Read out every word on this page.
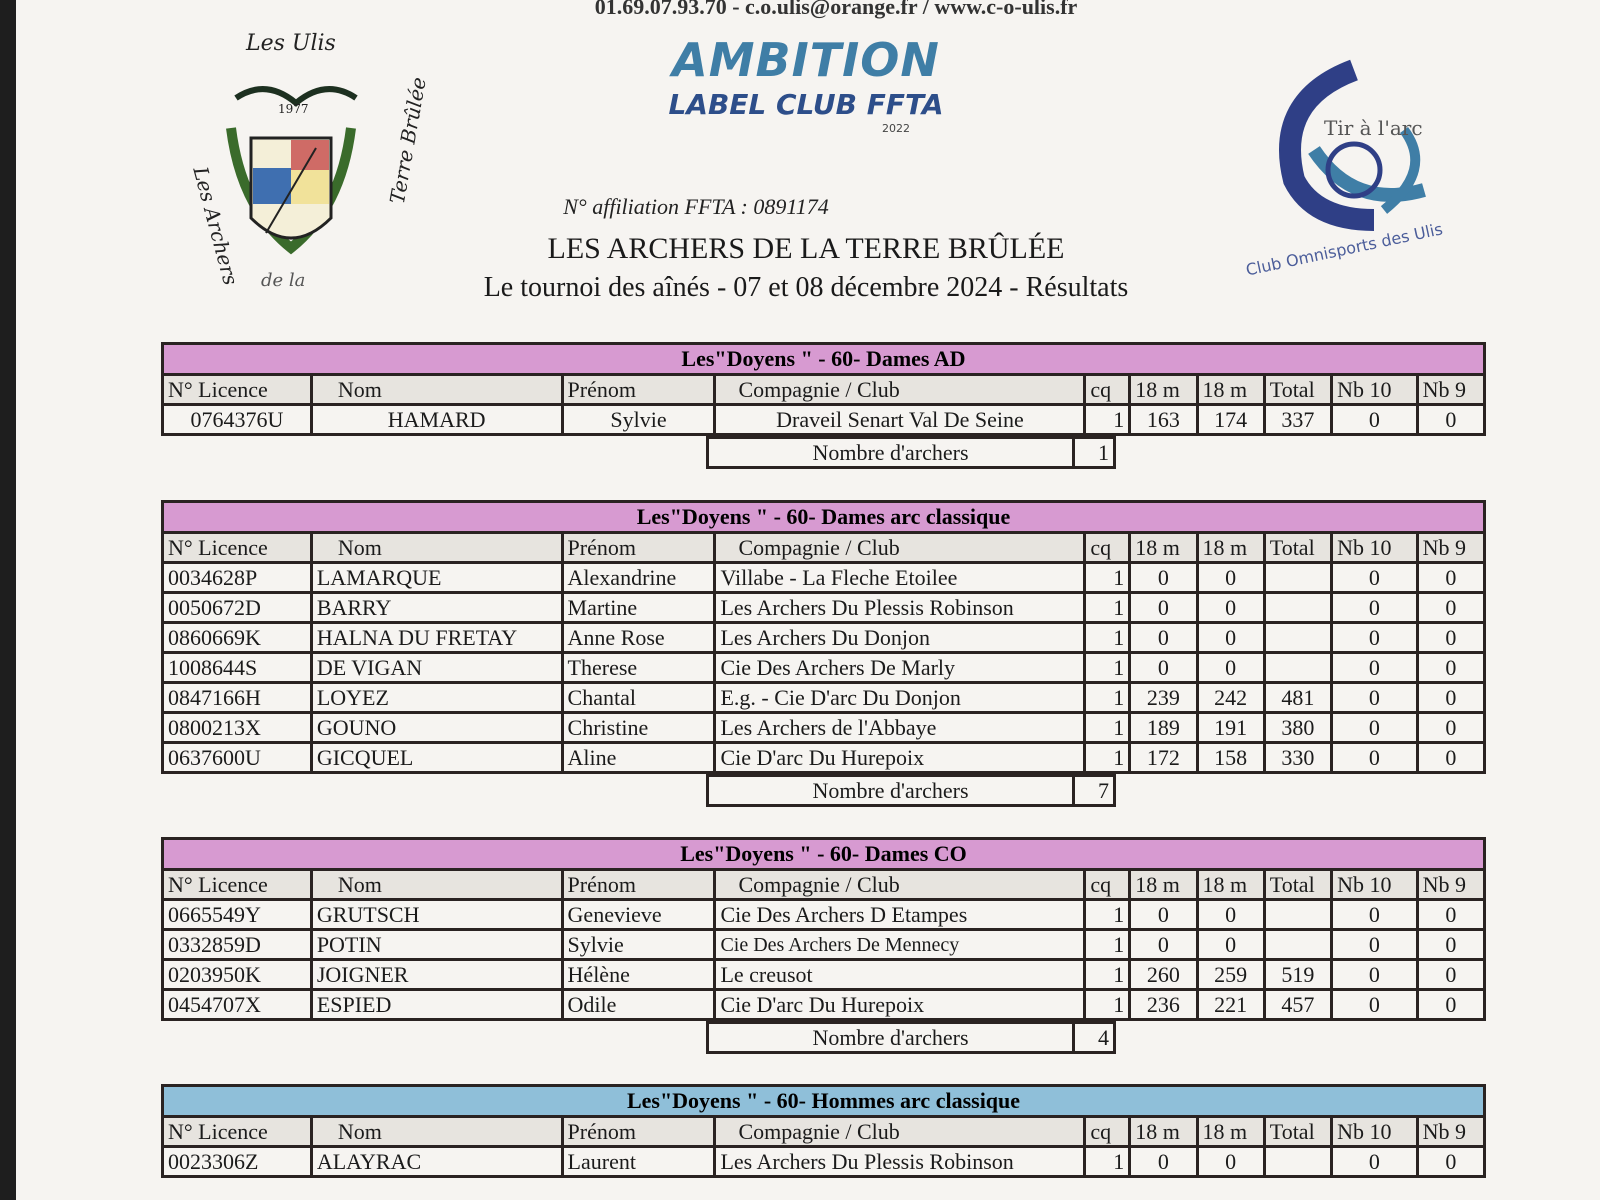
01.69.07.93.70 - c.o.ulis@orange.fr / www.c-o-ulis.fr
Les Ulis
1977
Les Archers
Terre Brûlée
de la
AMBITION
LABEL CLUB FFTA
2022	Tir à l'arc
Club Omnisports des Ulis
N° affiliation FFTA : 0891174
LES ARCHERS DE LA TERRE BRÛLÉE
Le tournoi des aînés - 07 et 08 décembre 2024 - Résultats
Les"Doyens " - 60- Dames AD
N° Licence	Nom	Prénom	Compagnie / Club	cq	18 m	18 m	Total	Nb 10	Nb 9
0764376U	HAMARD	Sylvie	Draveil Senart Val De Seine	1	163	174	337	0	0
Nombre d'archers	1
Les"Doyens " - 60- Dames arc classique
N° Licence	Nom	Prénom	Compagnie / Club	cq	18 m	18 m	Total	Nb 10	Nb 9
0034628P	LAMARQUE	Alexandrine	Villabe - La Fleche Etoilee	1	0	0		0	0
0050672D	BARRY	Martine	Les Archers Du Plessis Robinson	1	0	0		0	0
0860669K	HALNA DU FRETAY	Anne Rose	Les Archers Du Donjon	1	0	0		0	0
1008644S	DE VIGAN	Therese	Cie Des Archers De Marly	1	0	0		0	0
0847166H	LOYEZ	Chantal	E.g. - Cie D'arc Du Donjon	1	239	242	481	0	0
0800213X	GOUNO	Christine	Les Archers de l'Abbaye	1	189	191	380	0	0
0637600U	GICQUEL	Aline	Cie D'arc Du Hurepoix	1	172	158	330	0	0
Nombre d'archers	7
Les"Doyens " - 60- Dames CO
N° Licence	Nom	Prénom	Compagnie / Club	cq	18 m	18 m	Total	Nb 10	Nb 9
0665549Y	GRUTSCH	Genevieve	Cie Des Archers D Etampes	1	0	0		0	0
0332859D	POTIN	Sylvie	Cie Des Archers De Mennecy	1	0	0		0	0
0203950K	JOIGNER	Hélène	Le creusot	1	260	259	519	0	0
0454707X	ESPIED	Odile	Cie D'arc Du Hurepoix	1	236	221	457	0	0
Nombre d'archers	4
Les"Doyens " - 60- Hommes arc classique
N° Licence	Nom	Prénom	Compagnie / Club	cq	18 m	18 m	Total	Nb 10	Nb 9
0023306Z	ALAYRAC	Laurent	Les Archers Du Plessis Robinson	1	0	0		0	0
